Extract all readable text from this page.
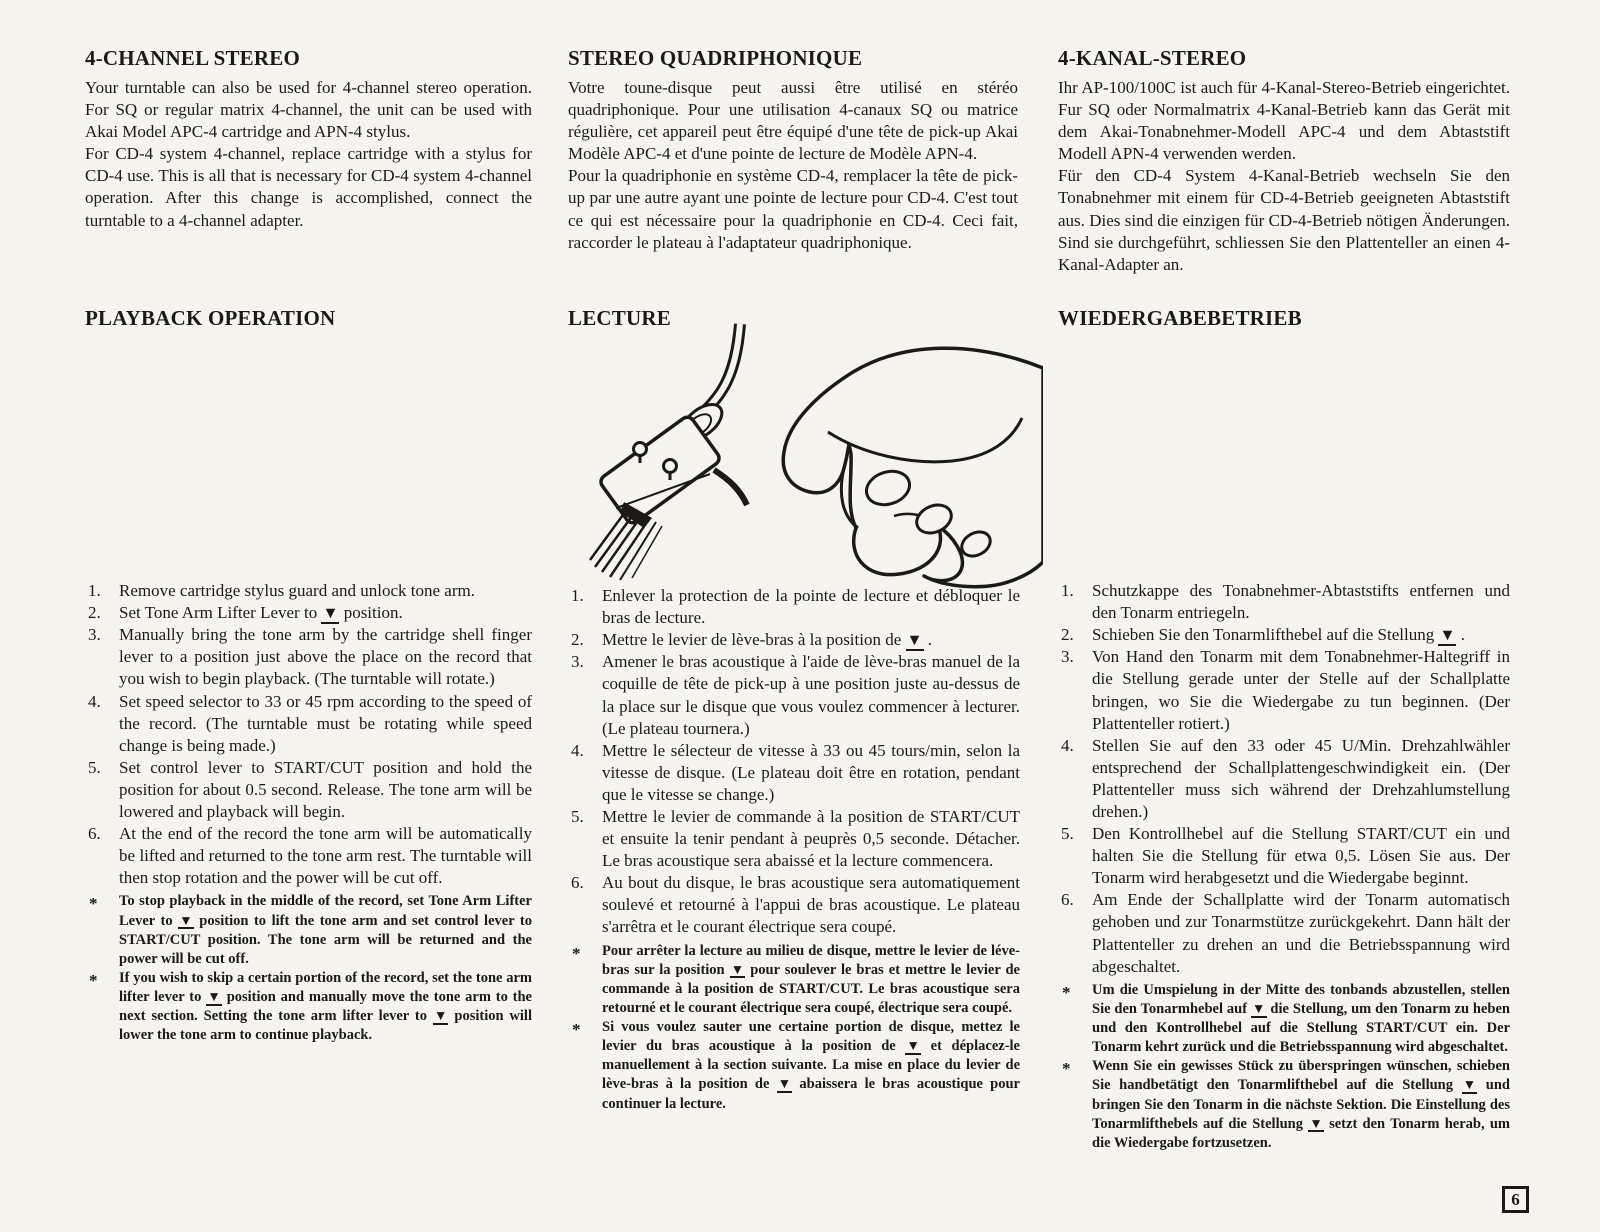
4-CHANNEL STEREO

Your turntable can also be used for 4-channel stereo operation. For SQ or regular matrix 4-channel, the unit can be used with Akai Model APC-4 cartridge and APN-4 stylus.

For CD-4 system 4-channel, replace cartridge with a stylus for CD-4 use. This is all that is necessary for CD-4 system 4-channel operation. After this change is accomplished, connect the turntable to a 4-channel adapter.

STEREO QUADRIPHONIQUE

Votre toune-disque peut aussi être utilisé en stéréo quadriphonique. Pour une utilisation 4-canaux SQ ou matrice régulière, cet appareil peut être équipé d'une tête de pick-up Akai Modèle APC-4 et d'une pointe de lecture de Modèle APN-4.

Pour la quadriphonie en système CD-4, remplacer la tête de pick-up par une autre ayant une pointe de lecture pour CD-4. C'est tout ce qui est nécessaire pour la quadriphonie en CD-4. Ceci fait, raccorder le plateau à l'adaptateur quadriphonique.

4-KANAL-STEREO

Ihr AP-100/100C ist auch für 4-Kanal-Stereo-Betrieb eingerichtet. Fur SQ oder Normalmatrix 4-Kanal-Betrieb kann das Gerät mit dem Akai-Tonabnehmer-Modell APC-4 und dem Abtaststift Modell APN-4 verwenden werden.

Für den CD-4 System 4-Kanal-Betrieb wechseln Sie den Tonabnehmer mit einem für CD-4-Betrieb geeigneten Abtaststift aus. Dies sind die einzigen für CD-4-Betrieb nötigen Änderungen. Sind sie durchgeführt, schliessen Sie den Plattenteller an einen 4-Kanal-Adapter an.

PLAYBACK OPERATION	LECTURE	WIEDERGABEBETRIEB
Remove cartridge stylus guard and unlock tone arm.
Set Tone Arm Lifter Lever to ▼ position.
Manually bring the tone arm by the cartridge shell finger lever to a position just above the place on the record that you wish to begin playback. (The turntable will rotate.)
Set speed selector to 33 or 45 rpm according to the speed of the record. (The turntable must be rotating while speed change is being made.)
Set control lever to START/CUT position and hold the position for about 0.5 second. Release. The tone arm will be lowered and playback will begin.
At the end of the record the tone arm will be automatically be lifted and returned to the tone arm rest. The turntable will then stop rotation and the power will be cut off.
* To stop playback in the middle of the record, set Tone Arm Lifter Lever to ▼ position to lift the tone arm and set control lever to START/CUT position. The tone arm will be returned and the power will be cut off.
* If you wish to skip a certain portion of the record, set the tone arm lifter lever to ▼ position and manually move the tone arm to the next section. Setting the tone arm lifter lever to ▼ position will lower the tone arm to continue playback.
Enlever la protection de la pointe de lecture et débloquer le bras de lecture.
Mettre le levier de lève-bras à la position de ▼ .
Amener le bras acoustique à l'aide de lève-bras manuel de la coquille de tête de pick-up à une position juste au-dessus de la place sur le disque que vous voulez commencer à lecturer. (Le plateau tournera.)
Mettre le sélecteur de vitesse à 33 ou 45 tours/min, selon la vitesse de disque. (Le plateau doit être en rotation, pendant que le vitesse se change.)
Mettre le levier de commande à la position de START/CUT et ensuite la tenir pendant à peuprès 0,5 seconde. Détacher. Le bras acoustique sera abaissé et la lecture commencera.
Au bout du disque, le bras acoustique sera automatiquement soulevé et retourné à l'appui de bras acoustique. Le plateau s'arrêtra et le courant électrique sera coupé.
* Pour arrêter la lecture au milieu de disque, mettre le levier de léve-bras sur la position ▼ pour soulever le bras et mettre le levier de commande à la position de START/CUT. Le bras acoustique sera retourné et le courant électrique sera coupé, électrique sera coupé.
* Si vous voulez sauter une certaine portion de disque, mettez le levier du bras acoustique à la position de ▼ et déplacez-le manuellement à la section suivante. La mise en place du levier de lève-bras à la position de ▼ abaissera le bras acoustique pour continuer la lecture.
Schutzkappe des Tonabnehmer-Abtaststifts entfernen und den Tonarm entriegeln.
Schieben Sie den Tonarmlifthebel auf die Stellung ▼ .
Von Hand den Tonarm mit dem Tonabnehmer-Haltegriff in die Stellung gerade unter der Stelle auf der Schallplatte bringen, wo Sie die Wiedergabe zu tun beginnen. (Der Plattenteller rotiert.)
Stellen Sie auf den 33 oder 45 U/Min. Drehzahlwähler entsprechend der Schallplattengeschwindigkeit ein. (Der Plattenteller muss sich während der Drehzahlumstellung drehen.)
Den Kontrollhebel auf die Stellung START/CUT ein und halten Sie die Stellung für etwa 0,5. Lösen Sie aus. Der Tonarm wird herabgesetzt und die Wiedergabe beginnt.
Am Ende der Schallplatte wird der Tonarm automatisch gehoben und zur Tonarmstütze zurückgekehrt. Dann hält der Plattenteller zu drehen an und die Betriebsspannung wird abgeschaltet.
* Um die Umspielung in der Mitte des tonbands abzustellen, stellen Sie den Tonarmhebel auf ▼ die Stellung, um den Tonarm zu heben und den Kontrollhebel auf die Stellung START/CUT ein. Der Tonarm kehrt zurück und die Betriebsspannung wird abgeschaltet.
* Wenn Sie ein gewisses Stück zu überspringen wünschen, schieben Sie handbetätigt den Tonarmlifthebel auf die Stellung ▼ und bringen Sie den Tonarm in die nächste Sektion. Die Einstellung des Tonarmlifthebels auf die Stellung ▼ setzt den Tonarm herab, um die Wiedergabe fortzusetzen.
6
